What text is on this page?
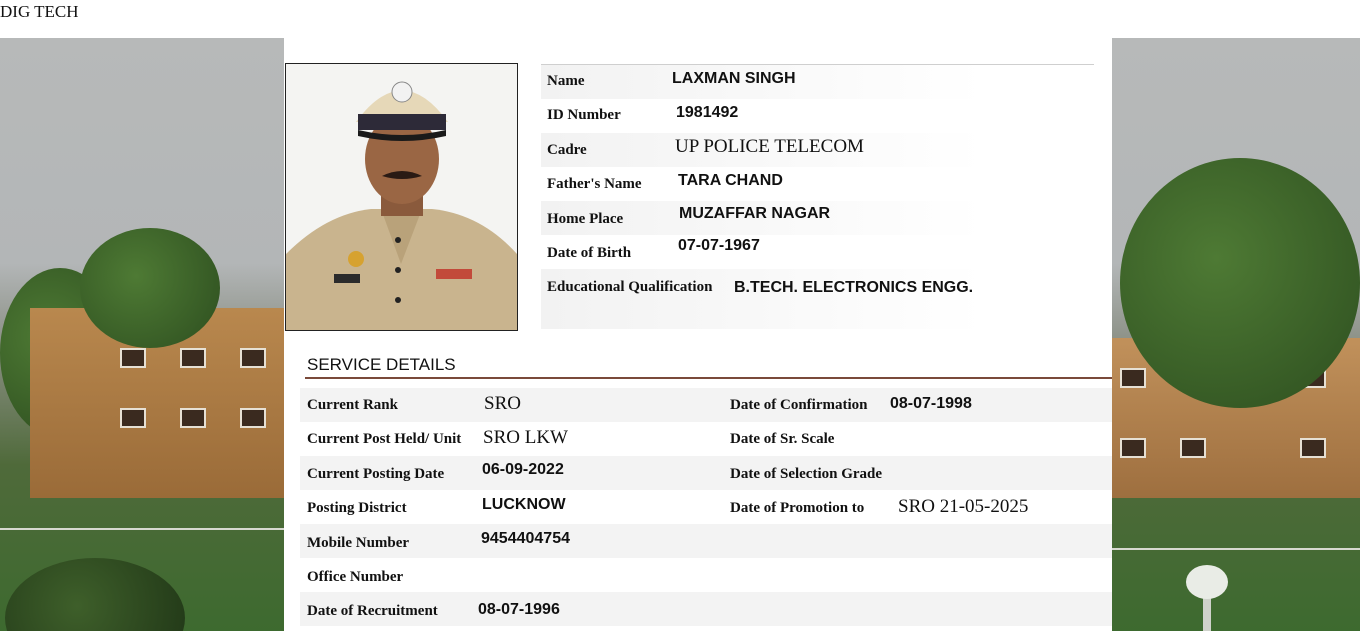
DIG TECH
Name	LAXMAN SINGH
ID Number	1981492
Cadre	UP POLICE TELECOM
Father's Name TARA CHAND
Home Place	MUZAFFAR NAGAR
Date of Birth	07-07-1967
Educational Qualification B.TECH. ELECTRONICS ENGG.
SERVICE DETAILS
Current Rank	SRO	Date of Confirmation 08-07-1998
Current Post Held/ Unit SRO LKW	Date of Sr. Scale
Current Posting Date 06-09-2022	Date of Selection Grade
Posting District	LUCKNOW	Date of Promotion to SRO 21-05-2025
Mobile Number	9454404754
Office Number
Date of Recruitment	08-07-1996
